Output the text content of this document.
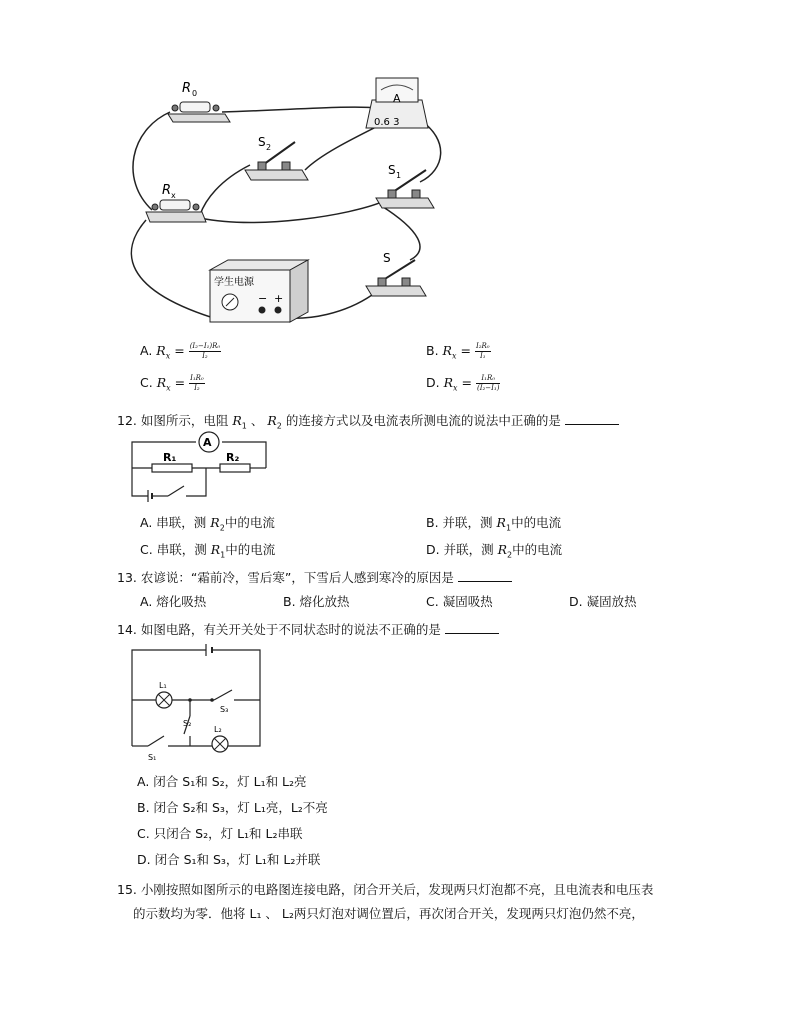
R 0	A
0.6 3
S 2
R x
S 1
S
学生电源
− +
A. $R_x = \frac{\text{(I₂−I₁)R₀}}{\text{I₂}}$	B. $R_x = \frac{\text{I₂R₀}}{\text{I₁}}$
C. $R_x = \frac{\text{I₁R₀}}{\text{I₂}}$	D. $R_x = \frac{\text{I₁R₀}}{\text{(I₂−I₁)}}$
12. 如图所示，电阻 $R_1$ 、 $R_2$ 的连接方式以及电流表所测电流的说法中正确的是
A
R₁	R₂
A. 串联，测 $R_2$中的电流	B. 并联，测 $R_1$中的电流
C. 串联，测 $R_1$中的电流	D. 并联，测 $R_2$中的电流
13. 农谚说：“霜前冷，雪后寒”，下雪后人感到寒冷的原因是
A. 熔化吸热	B. 熔化放热	C. 凝固吸热	D. 凝固放热
14. 如图电路，有关开关处于不同状态时的说法不正确的是
L₁
S₃
S₂
S₁
L₂
A. 闭合 S₁和 S₂，灯 L₁和 L₂亮
B. 闭合 S₂和 S₃，灯 L₁亮，L₂不亮
C. 只闭合 S₂，灯 L₁和 L₂串联
D. 闭合 S₁和 S₃，灯 L₁和 L₂并联
15. 小刚按照如图所示的电路图连接电路，闭合开关后，发现两只灯泡都不亮，且电流表和电压表
的示数均为零．他将 L₁ 、 L₂两只灯泡对调位置后，再次闭合开关，发现两只灯泡仍然不亮，
